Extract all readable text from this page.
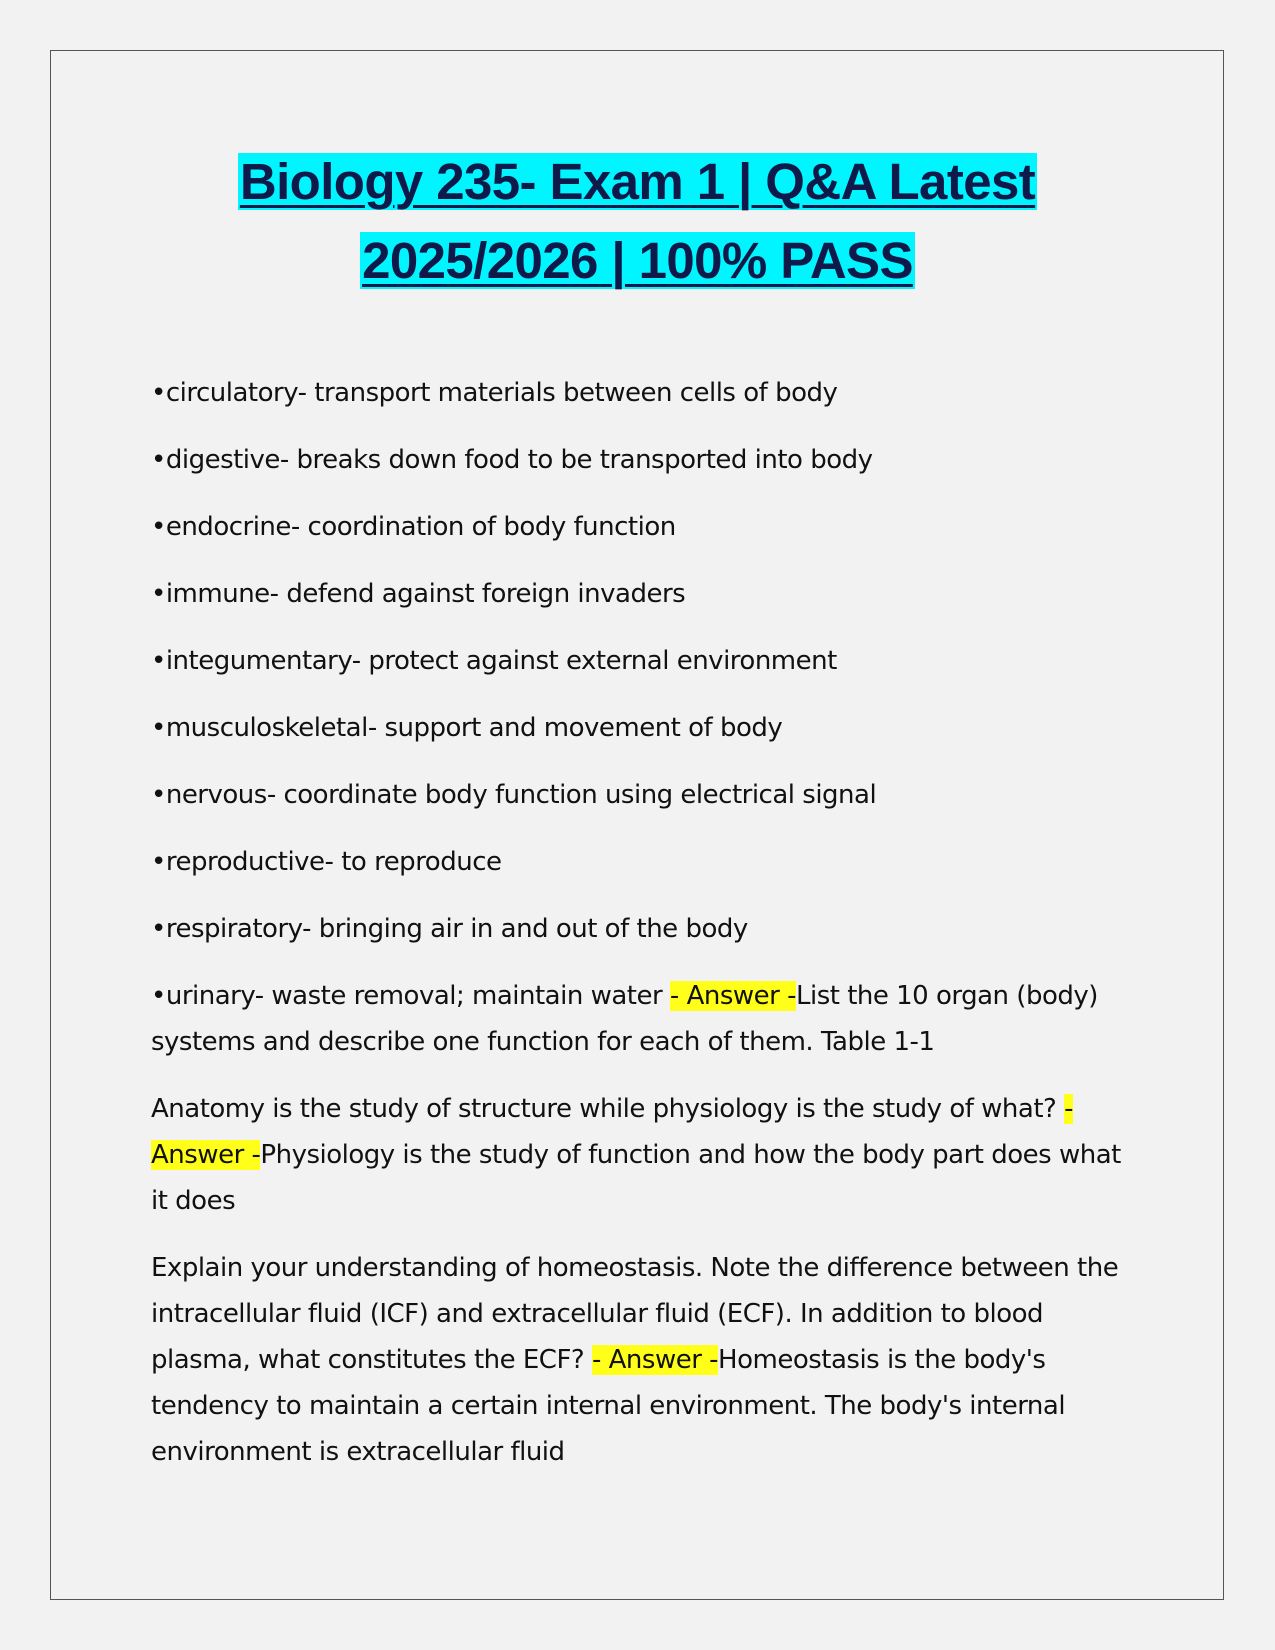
Biology 235- Exam 1 | Q&A Latest
2025/2026 | 100% PASS
•circulatory- transport materials between cells of body
•digestive- breaks down food to be transported into body
•endocrine- coordination of body function
•immune- defend against foreign invaders
•integumentary- protect against external environment
•musculoskeletal- support and movement of body
•nervous- coordinate body function using electrical signal
•reproductive- to reproduce
•respiratory- bringing air in and out of the body
•urinary- waste removal; maintain water - Answer -List the 10 organ (body) systems and describe one function for each of them. Table 1-1
Anatomy is the study of structure while physiology is the study of what? - Answer -Physiology is the study of function and how the body part does what it does
Explain your understanding of homeostasis. Note the difference between the intracellular fluid (ICF) and extracellular fluid (ECF). In addition to blood plasma, what constitutes the ECF? - Answer -Homeostasis is the body's tendency to maintain a certain internal environment. The body's internal environment is extracellular fluid
